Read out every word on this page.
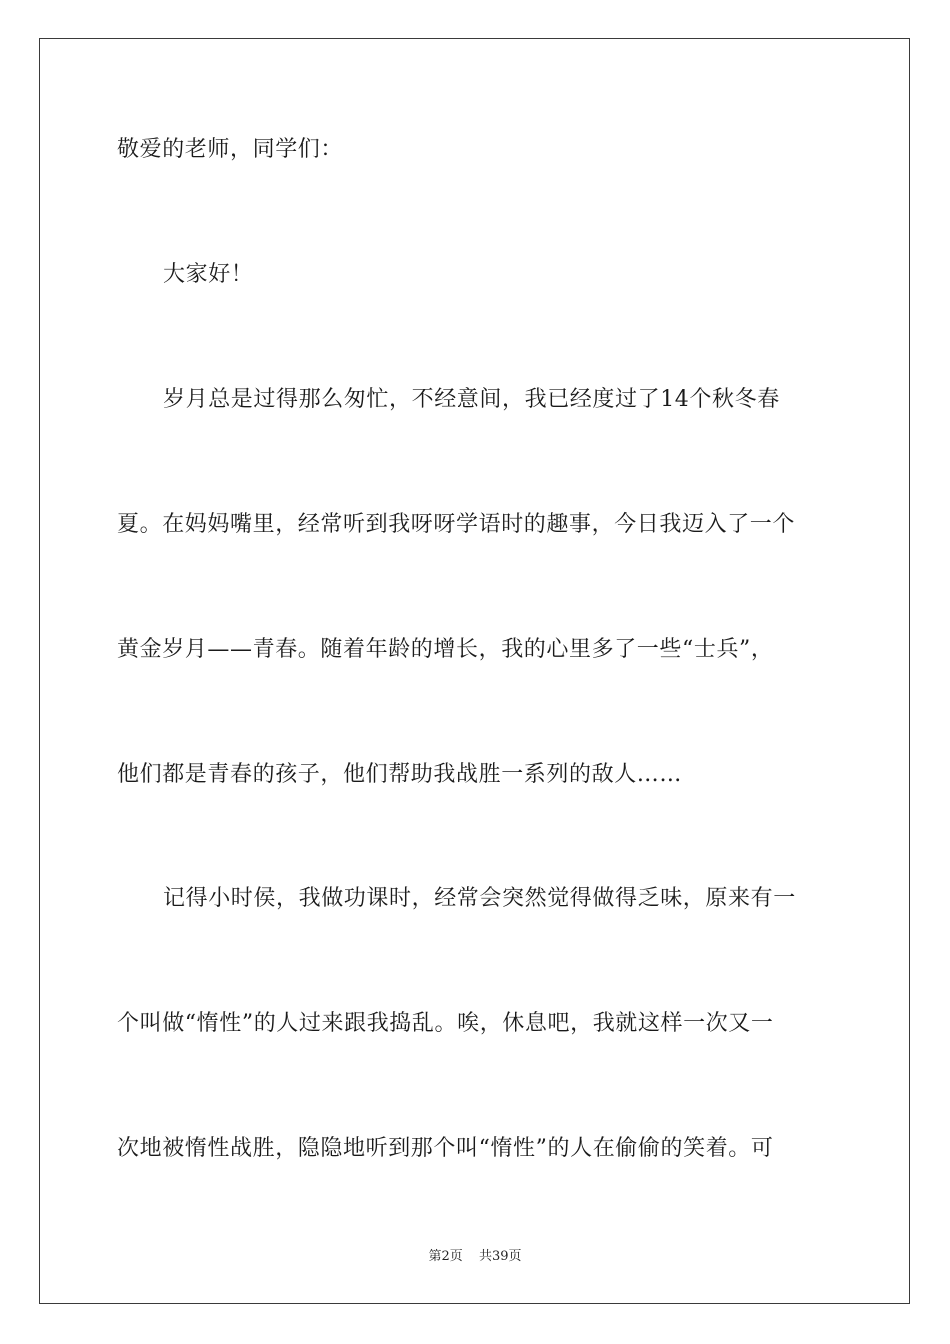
敬爱的老师，同学们：
大家好！
岁月总是过得那么匆忙，不经意间，我已经度过了14个秋冬春
夏。在妈妈嘴里，经常听到我呀呀学语时的趣事，今日我迈入了一个
黄金岁月——青春。随着年龄的增长，我的心里多了一些“士兵”，
他们都是青春的孩子，他们帮助我战胜一系列的敌人……
记得小时侯，我做功课时，经常会突然觉得做得乏味，原来有一
个叫做“惰性”的人过来跟我捣乱。唉，休息吧，我就这样一次又一
次地被惰性战胜，隐隐地听到那个叫“惰性”的人在偷偷的笑着。可
第2页 共39页
